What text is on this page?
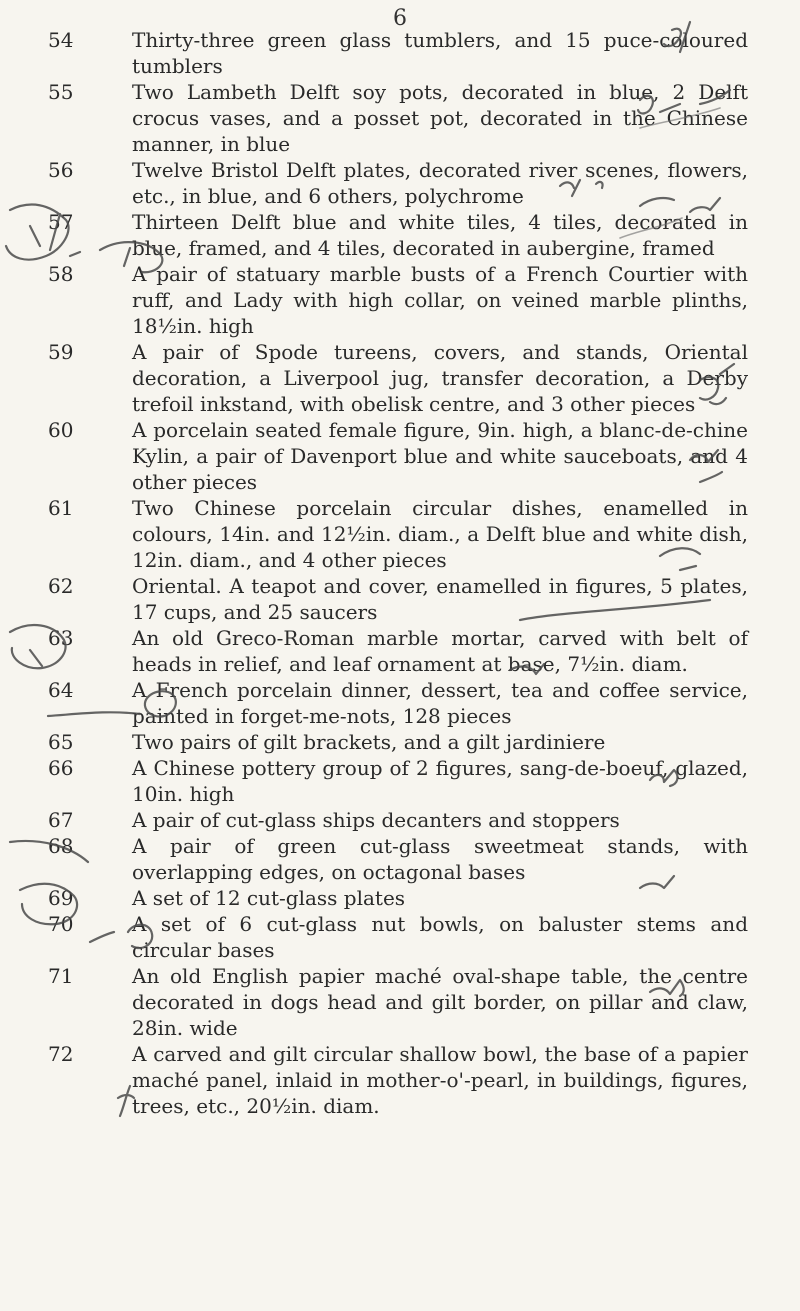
6
54	Thirty-three green glass tumblers, and 15 puce-coloured tumblers
55	Two Lambeth Delft soy pots, decorated in blue, 2 Delft crocus vases, and a posset pot, decorated in the Chinese manner, in blue
56	Twelve Bristol Delft plates, decorated river scenes, flowers, etc., in blue, and 6 others, polychrome
57	Thirteen Delft blue and white tiles, 4 tiles, decorated in blue, framed, and 4 tiles, decorated in aubergine, framed
58	A pair of statuary marble busts of a French Courtier with ruff, and Lady with high collar, on veined marble plinths, 18½in. high
59	A pair of Spode tureens, covers, and stands, Oriental decoration, a Liverpool jug, transfer decoration, a Derby trefoil inkstand, with obelisk centre, and 3 other pieces
60	A porcelain seated female figure, 9in. high, a blanc-de-chine Kylin, a pair of Davenport blue and white sauceboats, and 4 other pieces
61	Two Chinese porcelain circular dishes, enamelled in colours, 14in. and 12½in. diam., a Delft blue and white dish, 12in. diam., and 4 other pieces
62	Oriental. A teapot and cover, enamelled in figures, 5 plates, 17 cups, and 25 saucers
63	An old Greco-Roman marble mortar, carved with belt of heads in relief, and leaf ornament at base, 7½in. diam.
64	A French porcelain dinner, dessert, tea and coffee service, painted in forget-me-nots, 128 pieces
65	Two pairs of gilt brackets, and a gilt jardiniere
66	A Chinese pottery group of 2 figures, sang-de-boeuf, glazed, 10in. high
67	A pair of cut-glass ships decanters and stoppers
68	A pair of green cut-glass sweetmeat stands, with overlapping edges, on octagonal bases
69	A set of 12 cut-glass plates
70	A set of 6 cut-glass nut bowls, on baluster stems and circular bases
71	An old English papier maché oval-shape table, the centre decorated in dogs head and gilt border, on pillar and claw, 28in. wide
72	A carved and gilt circular shallow bowl, the base of a papier maché panel, inlaid in mother-o'-pearl, in buildings, figures, trees, etc., 20½in. diam.
